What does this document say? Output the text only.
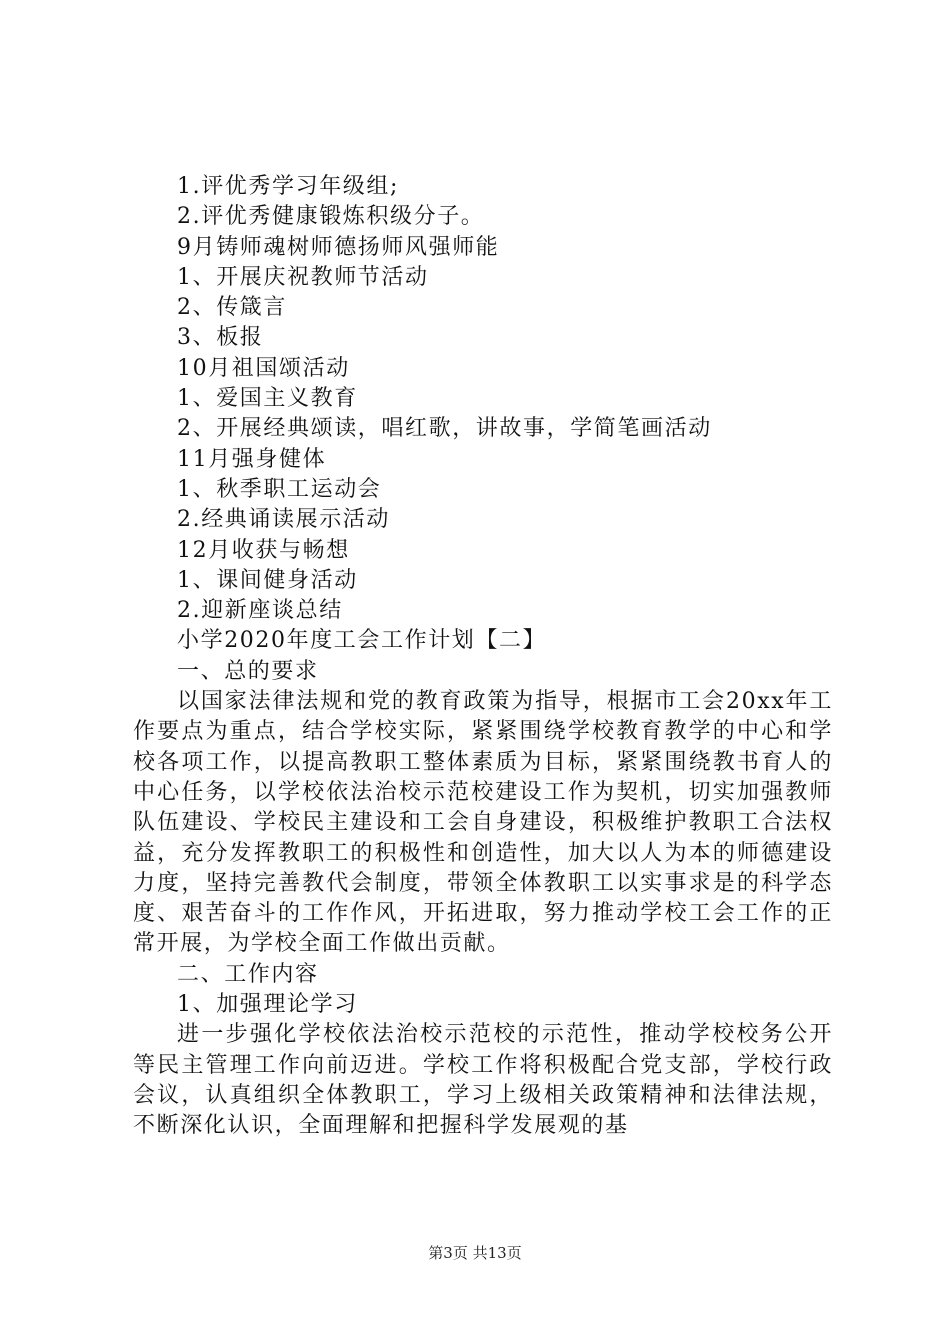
1.评优秀学习年级组;
2.评优秀健康锻炼积级分子。
9月铸师魂树师德扬师风强师能
1、开展庆祝教师节活动
2、传箴言
3、板报
10月祖国颂活动
1、爱国主义教育
2、开展经典颂读，唱红歌，讲故事，学简笔画活动
11月强身健体
1、秋季职工运动会
2.经典诵读展示活动
12月收获与畅想
1、课间健身活动
2.迎新座谈总结
小学2020年度工会工作计划【二】
一、总的要求

以国家法律法规和党的教育政策为指导，根据市工会20xx年工作要点为重点，结合学校实际，紧紧围绕学校教育教学的中心和学校各项工作，以提高教职工整体素质为目标，紧紧围绕教书育人的中心任务，以学校依法治校示范校建设工作为契机，切实加强教师队伍建设、学校民主建设和工会自身建设，积极维护教职工合法权益，充分发挥教职工的积极性和创造性，加大以人为本的师德建设力度，坚持完善教代会制度，带领全体教职工以实事求是的科学态度、艰苦奋斗的工作作风，开拓进取，努力推动学校工会工作的正常开展，为学校全面工作做出贡献。

二、工作内容
1、加强理论学习

进一步强化学校依法治校示范校的示范性，推动学校校务公开等民主管理工作向前迈进。学校工作将积极配合党支部，学校行政会议，认真组织全体教职工，学习上级相关政策精神和法律法规，不断深化认识，全面理解和把握科学发展观的基

第3页 共13页
